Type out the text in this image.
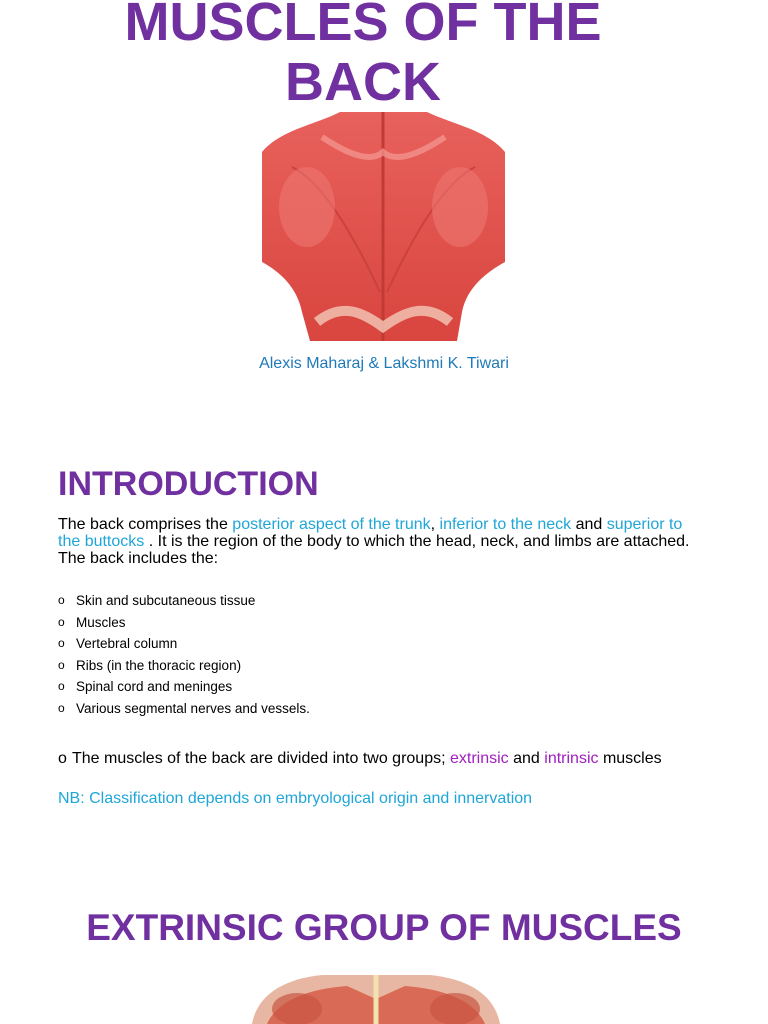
MUSCLES OF THE
BACK
Alexis Maharaj & Lakshmi K. Tiwari
INTRODUCTION

The back comprises the posterior aspect of the trunk, inferior to the neck and superior to the buttocks . It is the region of the body to which the head, neck, and limbs are attached. The back includes the:

o Skin and subcutaneous tissue
o Muscles
o Vertebral column
o Ribs (in the thoracic region)
o Spinal cord and meninges
o Various segmental nerves and vessels.
o The muscles of the back are divided into two groups; extrinsic and intrinsic muscles
NB: Classification depends on embryological origin and innervation
EXTRINSIC GROUP OF MUSCLES
